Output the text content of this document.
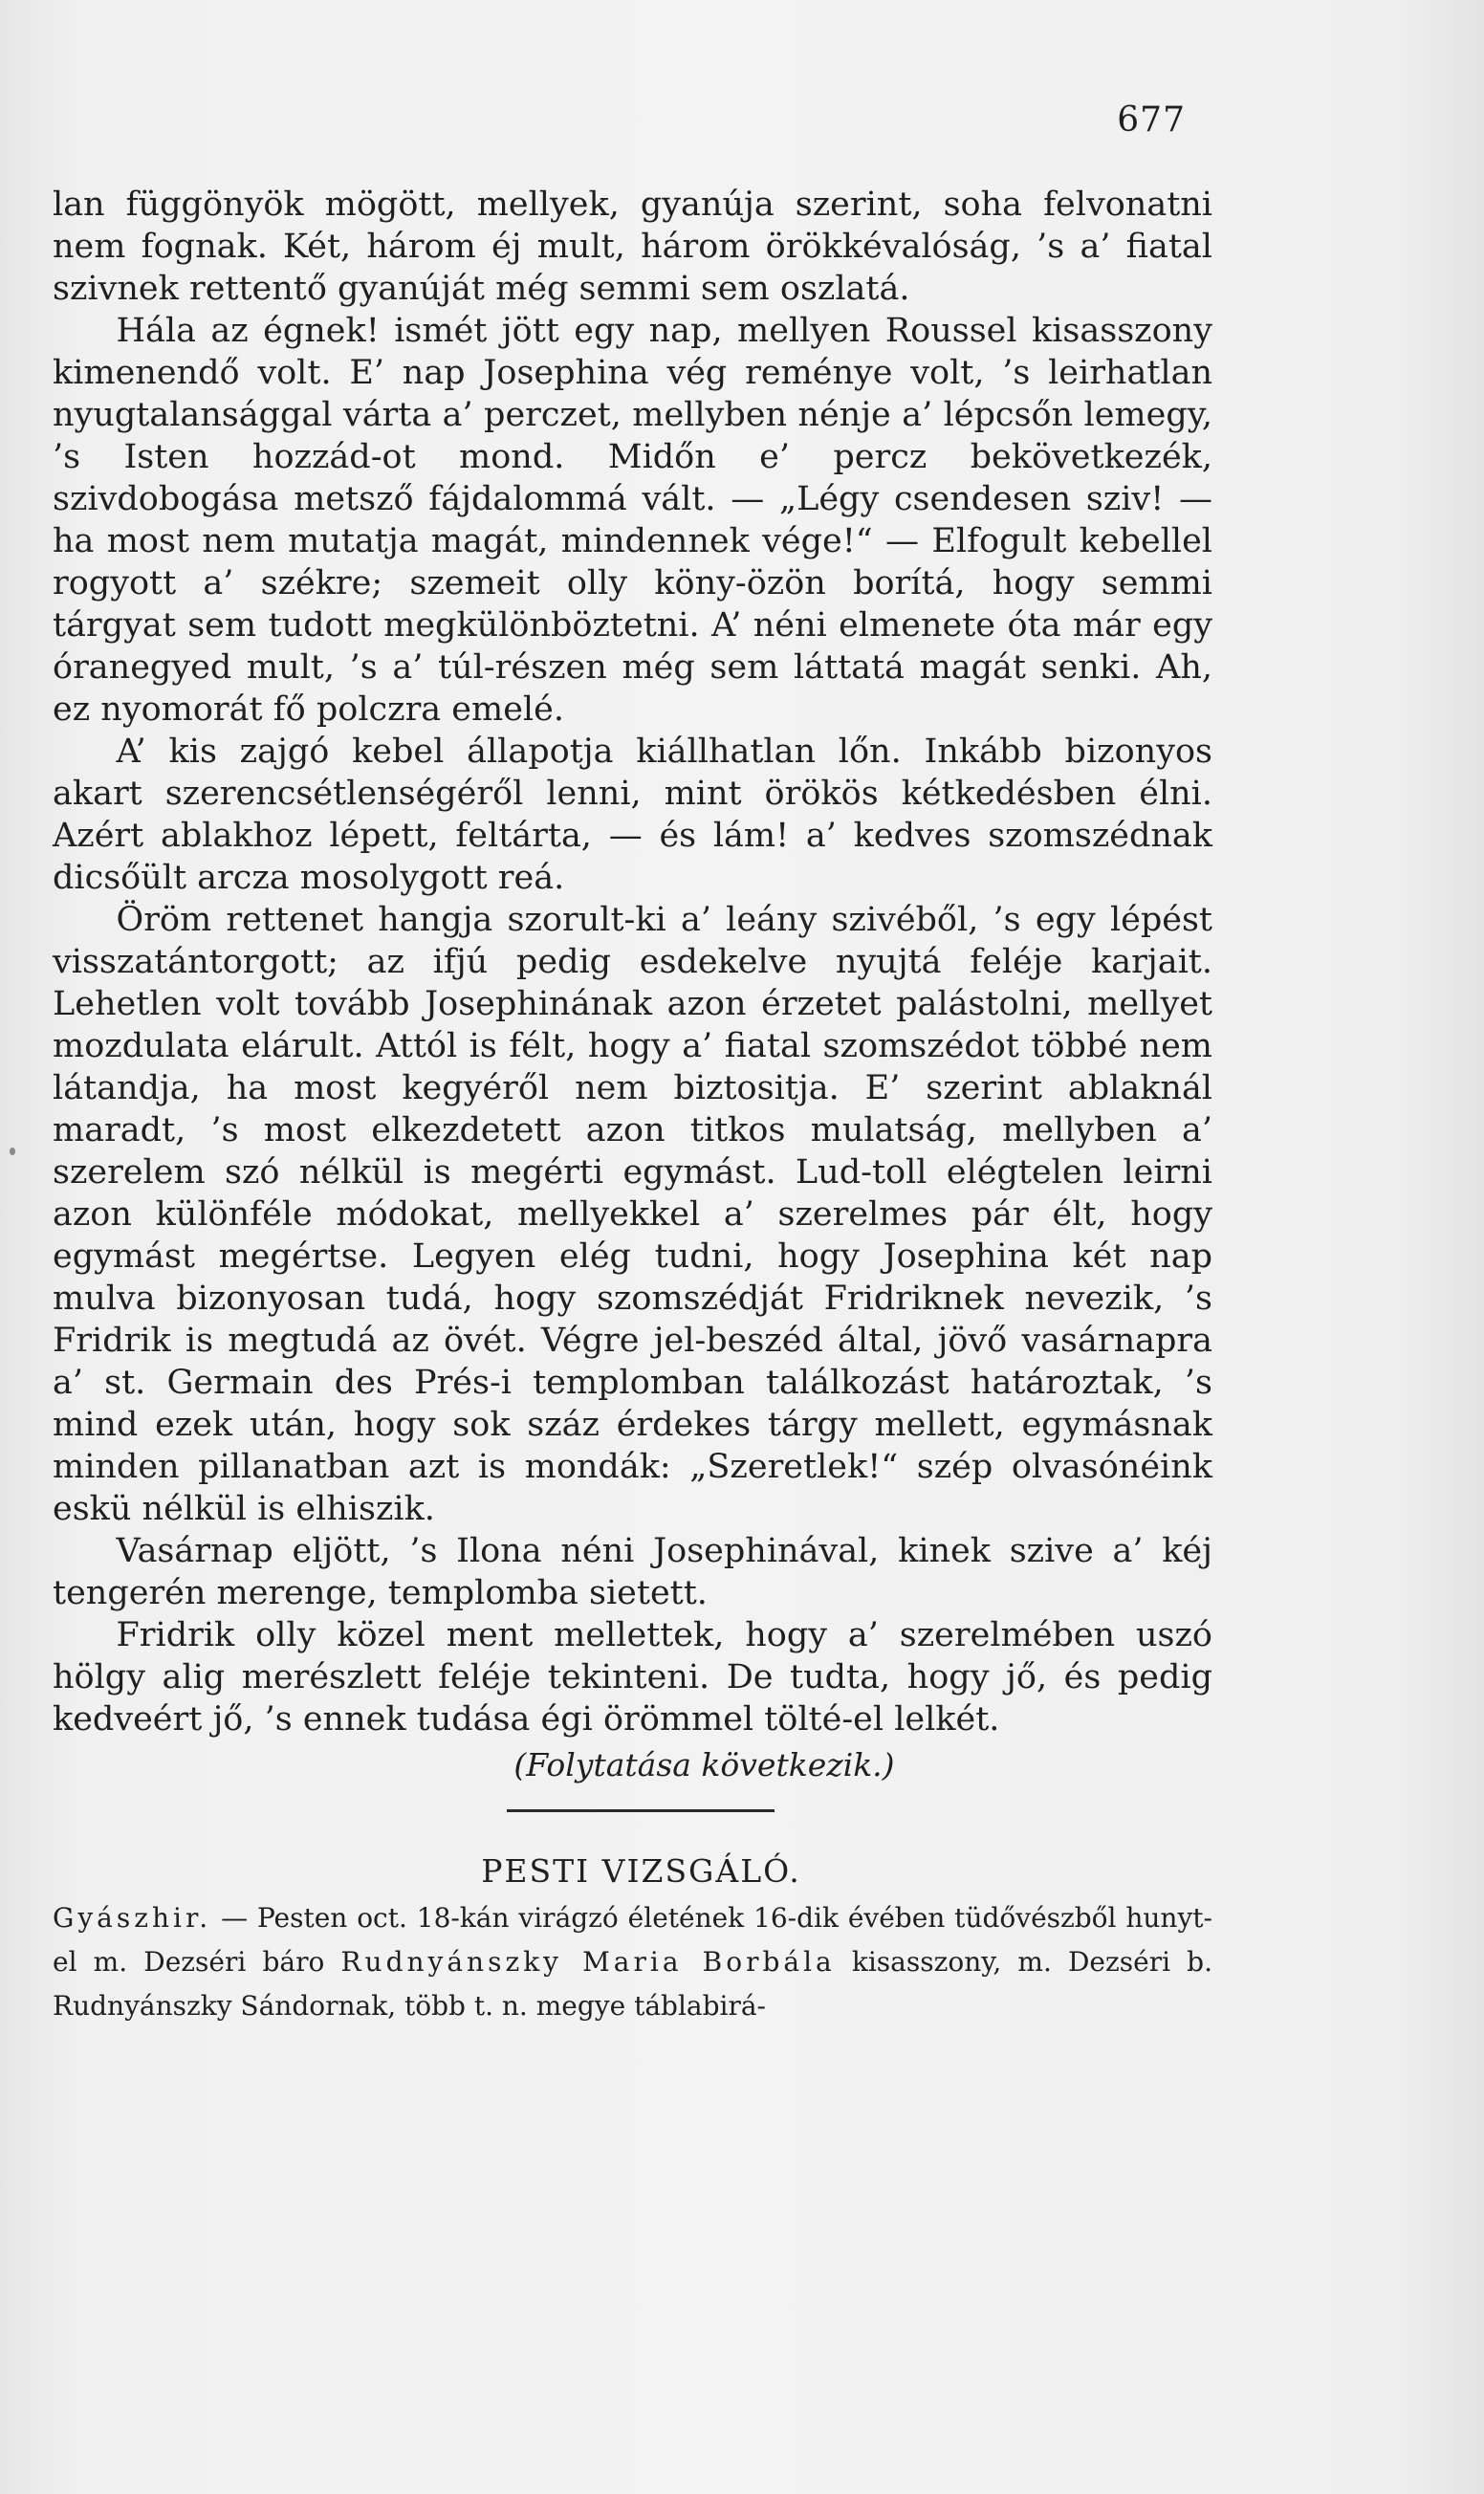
677

lan függönyök mögött, mellyek, gyanúja szerint, soha felvonatni nem fognak. Két, három éj mult, három örökkévalóság, ’s a’ fiatal szivnek rettentő gyanúját még semmi sem oszlatá.

Hála az égnek! ismét jött egy nap, mellyen Roussel kisasszony kimenendő volt. E’ nap Josephina vég reménye volt, ’s leirhatlan nyugtalansággal várta a’ perczet, mellyben nénje a’ lépcsőn lemegy, ’s Isten hozzád-ot mond. Midőn e’ percz bekövetkezék, szivdobogása metsző fájdalommá vált. — „Légy csendesen sziv! — ha most nem mutatja magát, mindennek vége!“ — Elfogult kebellel rogyott a’ székre; szemeit olly köny-özön borítá, hogy semmi tárgyat sem tudott megkülönböztetni. A’ néni elmenete óta már egy óranegyed mult, ’s a’ túl-részen még sem láttatá magát senki. Ah, ez nyomorát fő polczra emelé.

A’ kis zajgó kebel állapotja kiállhatlan lőn. Inkább bizonyos akart szerencsétlenségéről lenni, mint örökös kétkedésben élni. Azért ablakhoz lépett, feltárta, — és lám! a’ kedves szomszédnak dicsőült arcza mosolygott reá.

Öröm rettenet hangja szorult-ki a’ leány szivéből, ’s egy lépést visszatántorgott; az ifjú pedig esdekelve nyujtá feléje karjait. Lehetlen volt tovább Josephinának azon érzetet palástolni, mellyet mozdulata elárult. Attól is félt, hogy a’ fiatal szomszédot többé nem látandja, ha most kegyéről nem biztositja. E’ szerint ablaknál maradt, ’s most elkezdetett azon titkos mulatság, mellyben a’ szerelem szó nélkül is megérti egymást. Lud-toll elégtelen leirni azon különféle módokat, mellyekkel a’ szerelmes pár élt, hogy egymást megértse. Legyen elég tudni, hogy Josephina két nap mulva bizonyosan tudá, hogy szomszédját Fridriknek nevezik, ’s Fridrik is megtudá az övét. Végre jel-beszéd által, jövő vasárnapra a’ st. Germain des Prés-i templomban találkozást határoztak, ’s mind ezek után, hogy sok száz érdekes tárgy mellett, egymásnak minden pillanatban azt is mondák: „Szeretlek!“ szép olvasónéink eskü nélkül is elhiszik.

Vasárnap eljött, ’s Ilona néni Josephinával, kinek szive a’ kéj tengerén merenge, templomba sietett.

Fridrik olly közel ment mellettek, hogy a’ szerelmében uszó hölgy alig merészlett feléje tekinteni. De tudta, hogy jő, és pedig kedveért jő, ’s ennek tudása égi örömmel tölté-el lelkét.

(Folytatása következik.)

PESTI VIZSGÁLÓ.

Gyászhir. — Pesten oct. 18-kán virágzó életének 16-dik évében tüdővészből hunyt-el m. Dezséri báro Rudnyánszky Maria Borbála kisasszony, m. Dezséri b. Rudnyánszky Sándornak, több t. n. megye táblabirá-
